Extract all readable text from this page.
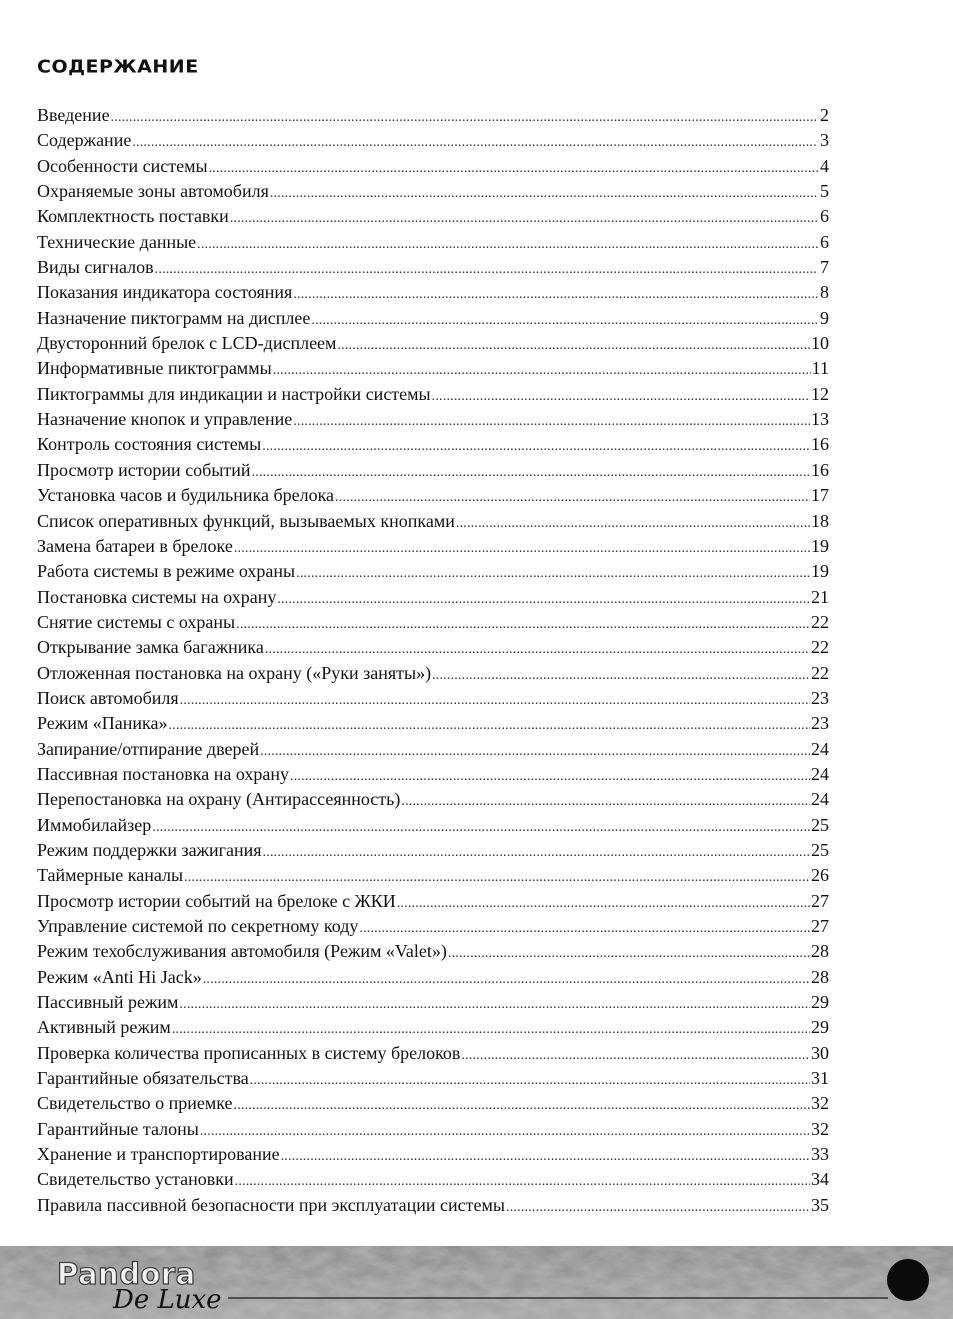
СОДЕРЖАНИЕ
Введение .....	2
Содержание .....	3
Особенности системы .....	4
Охраняемые зоны автомобиля .....	5
Комплектность поставки .....	6
Технические данные .....	6
Виды сигналов .....	7
Показания индикатора состояния .....	8
Назначение пиктограмм на дисплее .....	9
Двусторонний брелок с LCD-дисплеем .....	10
Информативные пиктограммы .....	11
Пиктограммы для индикации и настройки системы .....	12
Назначение кнопок и управление .....	13
Контроль состояния системы .....	16
Просмотр истории событий .....	16
Установка часов и будильника брелока .....	17
Список оперативных функций, вызываемых кнопками .....	18
Замена батареи в брелоке .....	19
Работа системы в режиме охраны .....	19
Постановка системы на охрану .....	21
Снятие системы с охраны .....	22
Открывание замка багажника .....	22
Отложенная постановка на охрану («Руки заняты») .....	22
Поиск автомобиля .....	23
Режим «Паника» .....	23
Запирание/отпирание дверей .....	24
Пассивная постановка на охрану .....	24
Перепостановка на охрану (Антирассеянность) .....	24
Иммобилайзер .....	25
Режим поддержки зажигания .....	25
Таймерные каналы .....	26
Просмотр истории событий на брелоке с ЖКИ .....	27
Управление системой по секретному коду .....	27
Режим техобслуживания автомобиля (Режим «Valet») .....	28
Режим «Anti Hi Jack» .....	28
Пассивный режим .....	29
Активный режим .....	29
Проверка количества прописанных в систему брелоков .....	30
Гарантийные обязательства .....	31
Свидетельство о приемке .....	32
Гарантийные талоны .....	32
Хранение и транспортирование .....	33
Свидетельство установки .....	34
Правила пассивной безопасности при эксплуатации системы .....	35
Pandora
De Luxe
